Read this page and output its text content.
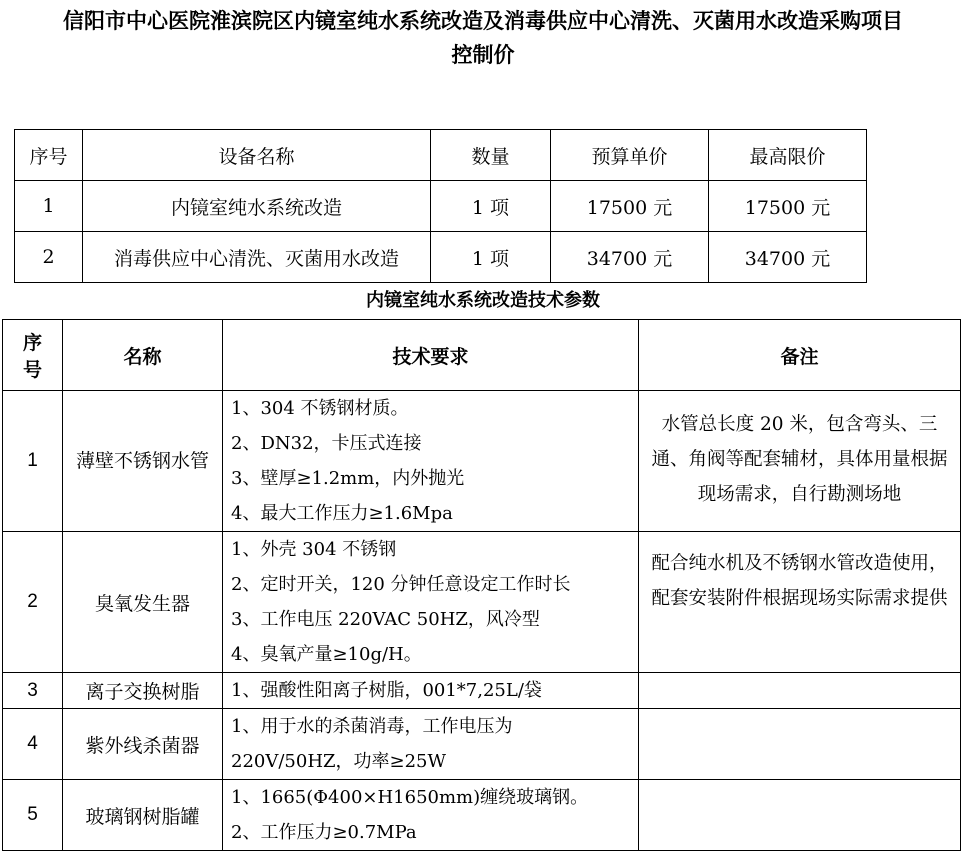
信阳市中心医院淮滨院区内镜室纯水系统改造及消毒供应中心清洗、灭菌用水改造采购项目
控制价
序号	设备名称	数量	预算单价	最高限价
1	内镜室纯水系统改造	1 项	17500 元	17500 元
2	消毒供应中心清洗、灭菌用水改造	1 项	34700 元	34700 元
内镜室纯水系统改造技术参数
序
号	名称	技术要求	备注
1	薄壁不锈钢水管	1、304 不锈钢材质。
2、DN32，卡压式连接
3、壁厚≥1.2mm，内外抛光
4、最大工作压力≥1.6Mpa	水管总长度 20 米，包含弯头、三通、角阀等配套辅材，具体用量根据现场需求，自行勘测场地
2	臭氧发生器	1、外壳 304 不锈钢
2、定时开关，120 分钟任意设定工作时长
3、工作电压 220VAC 50HZ，风冷型
4、臭氧产量≥10g/H。	配合纯水机及不锈钢水管改造使用，配套安装附件根据现场实际需求提供
3	离子交换树脂	1、强酸性阳离子树脂，001*7,25L/袋	

4	紫外线杀菌器	1、用于水的杀菌消毒，工作电压为
220V/50HZ，功率≥25W	

5	玻璃钢树脂罐	1、1665(Φ400×H1650mm)缠绕玻璃钢。
2、工作压力≥0.7MPa	
